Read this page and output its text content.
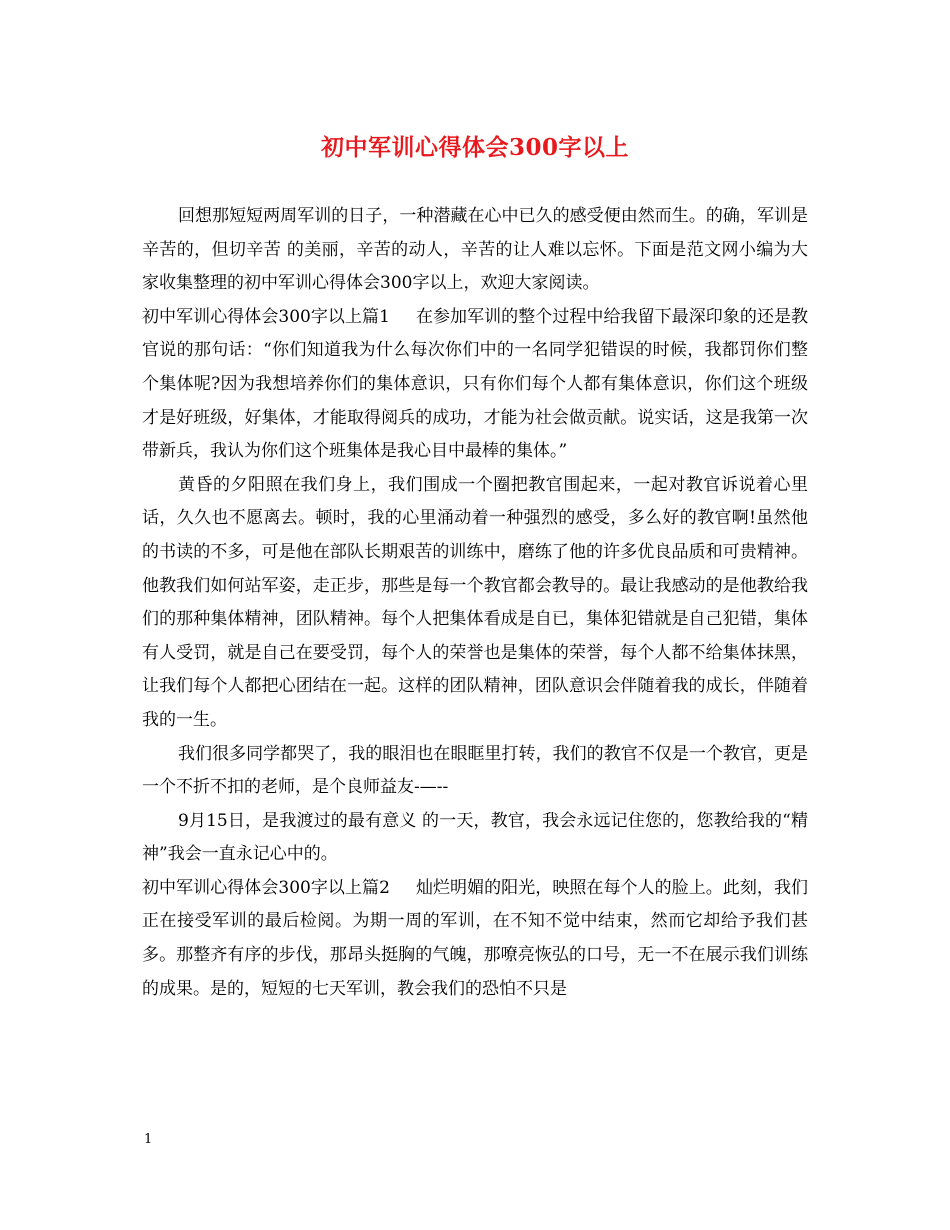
初中军训心得体会300字以上

回想那短短两周军训的日子，一种潜藏在心中已久的感受便由然而生。的确，军训是辛苦的，但切辛苦 的美丽，辛苦的动人，辛苦的让人难以忘怀。下面是范文网小编为大家收集整理的初中军训心得体会300字以上，欢迎大家阅读。

初中军训心得体会300字以上篇1 在参加军训的整个过程中给我留下最深印象的还是教官说的那句话：“你们知道我为什么每次你们中的一名同学犯错误的时候，我都罚你们整个集体呢?因为我想培养你们的集体意识，只有你们每个人都有集体意识，你们这个班级才是好班级，好集体，才能取得阅兵的成功，才能为社会做贡献。说实话，这是我第一次带新兵，我认为你们这个班集体是我心目中最棒的集体。”

黄昏的夕阳照在我们身上，我们围成一个圈把教官围起来，一起对教官诉说着心里话，久久也不愿离去。顿时，我的心里涌动着一种强烈的感受，多么好的教官啊!虽然他的书读的不多，可是他在部队长期艰苦的训练中，磨练了他的许多优良品质和可贵精神。他教我们如何站军姿，走正步，那些是每一个教官都会教导的。最让我感动的是他教给我们的那种集体精神，团队精神。每个人把集体看成是自已，集体犯错就是自己犯错，集体有人受罚，就是自己在要受罚，每个人的荣誉也是集体的荣誉，每个人都不给集体抹黑，让我们每个人都把心团结在一起。这样的团队精神，团队意识会伴随着我的成长，伴随着我的一生。

我们很多同学都哭了，我的眼泪也在眼眶里打转，我们的教官不仅是一个教官，更是一个不折不扣的老师，是个良师益友-—--

9月15日，是我渡过的最有意义 的一天，教官，我会永远记住您的，您教给我的“精神”我会一直永记心中的。

初中军训心得体会300字以上篇2 灿烂明媚的阳光，映照在每个人的脸上。此刻，我们正在接受军训的最后检阅。为期一周的军训，在不知不觉中结束，然而它却给予我们甚多。那整齐有序的步伐，那昂头挺胸的气魄，那嘹亮恢弘的口号，无一不在展示我们训练的成果。是的，短短的七天军训，教会我们的恐怕不只是

1
